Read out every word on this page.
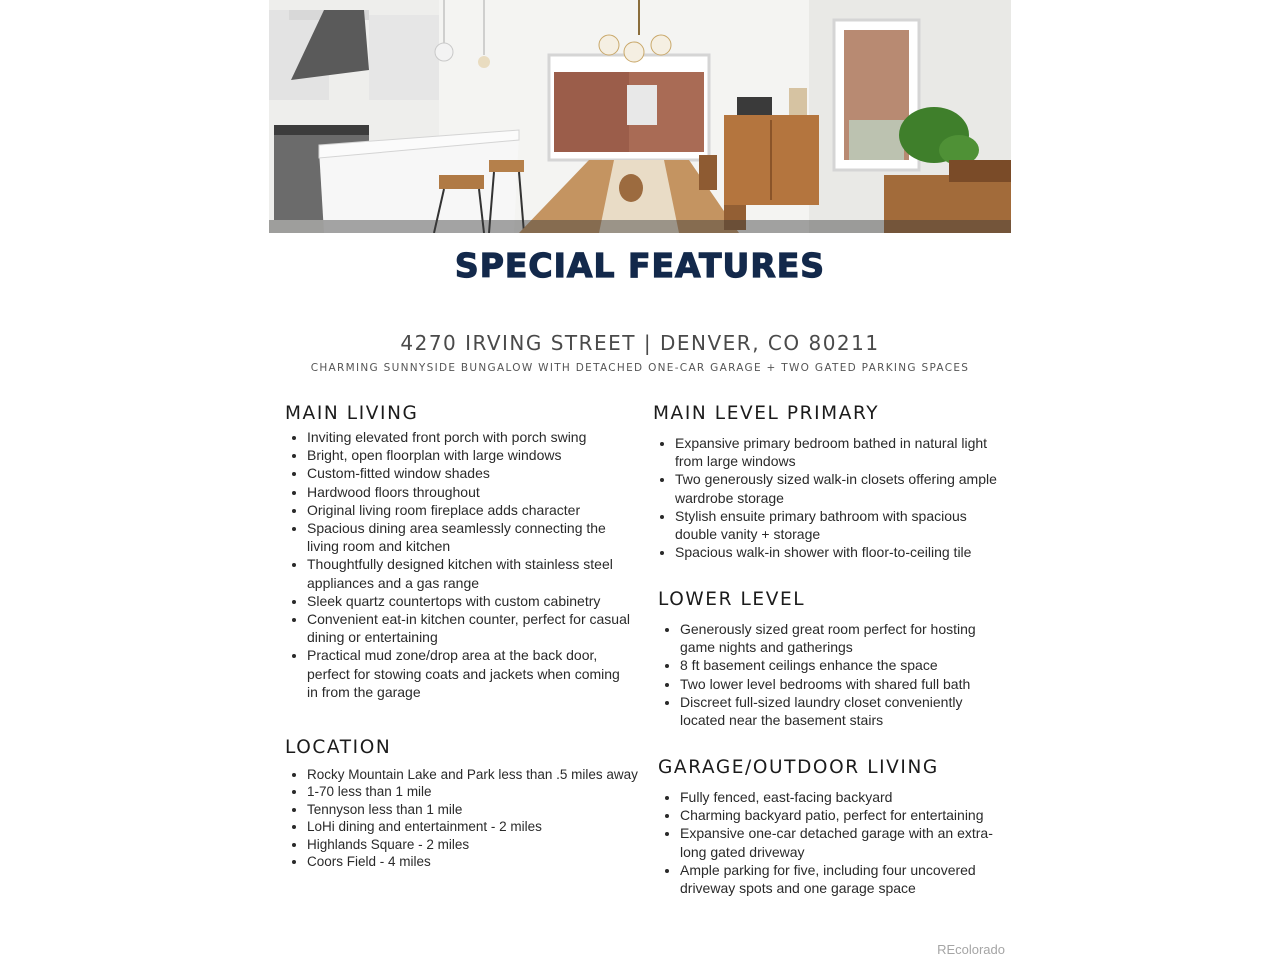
SPECIAL FEATURES
4270 IRVING STREET | DENVER, CO 80211
CHARMING SUNNYSIDE BUNGALOW WITH DETACHED ONE-CAR GARAGE + TWO GATED PARKING SPACES
MAIN LIVING
• Inviting elevated front porch with porch swing
• Bright, open floorplan with large windows
• Custom-fitted window shades
• Hardwood floors throughout
• Original living room fireplace adds character
• Spacious dining area seamlessly connecting the living room and kitchen
• Thoughtfully designed kitchen with stainless steel appliances and a gas range
• Sleek quartz countertops with custom cabinetry
• Convenient eat-in kitchen counter, perfect for casual dining or entertaining
• Practical mud zone/drop area at the back door, perfect for stowing coats and jackets when coming in from the garage
LOCATION
• Rocky Mountain Lake and Park less than .5 miles away
• 1-70 less than 1 mile
• Tennyson less than 1 mile
• LoHi dining and entertainment - 2 miles
• Highlands Square - 2 miles
• Coors Field - 4 miles
MAIN LEVEL PRIMARY
• Expansive primary bedroom bathed in natural light from large windows
• Two generously sized walk-in closets offering ample wardrobe storage
• Stylish ensuite primary bathroom with spacious double vanity + storage
• Spacious walk-in shower with floor-to-ceiling tile
LOWER LEVEL
• Generously sized great room perfect for hosting game nights and gatherings
• 8 ft basement ceilings enhance the space
• Two lower level bedrooms with shared full bath
• Discreet full-sized laundry closet conveniently located near the basement stairs
GARAGE/OUTDOOR LIVING
• Fully fenced, east-facing backyard
• Charming backyard patio, perfect for entertaining
• Expansive one-car detached garage with an extra-long gated driveway
• Ample parking for five, including four uncovered driveway spots and one garage space
REcolorado
